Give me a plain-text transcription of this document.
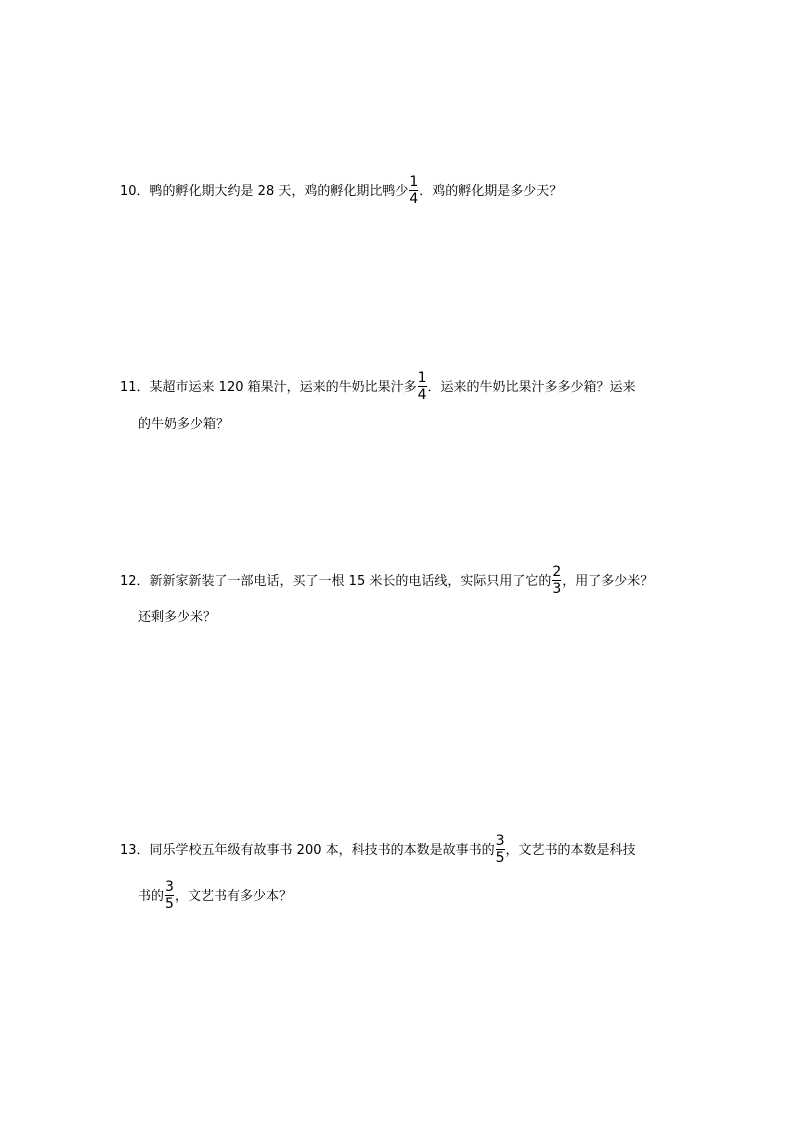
10．鸭的孵化期大约是 28 天，鸡的孵化期比鸭少 $\frac{1}{4}$ ．鸡的孵化期是多少天？
11．某超市运来 120 箱果汁，运来的牛奶比果汁多 $\frac{1}{4}$ ．运来的牛奶比果汁多多少箱？运来
的牛奶多少箱？
12．新新家新装了一部电话，买了一根 15 米长的电话线，实际只用了它的 $\frac{2}{3}$ ，用了多少米？
还剩多少米？
13．同乐学校五年级有故事书 200 本，科技书的本数是故事书的 $\frac{3}{5}$ ，文艺书的本数是科技
书的 $\frac{3}{5}$ ，文艺书有多少本？
